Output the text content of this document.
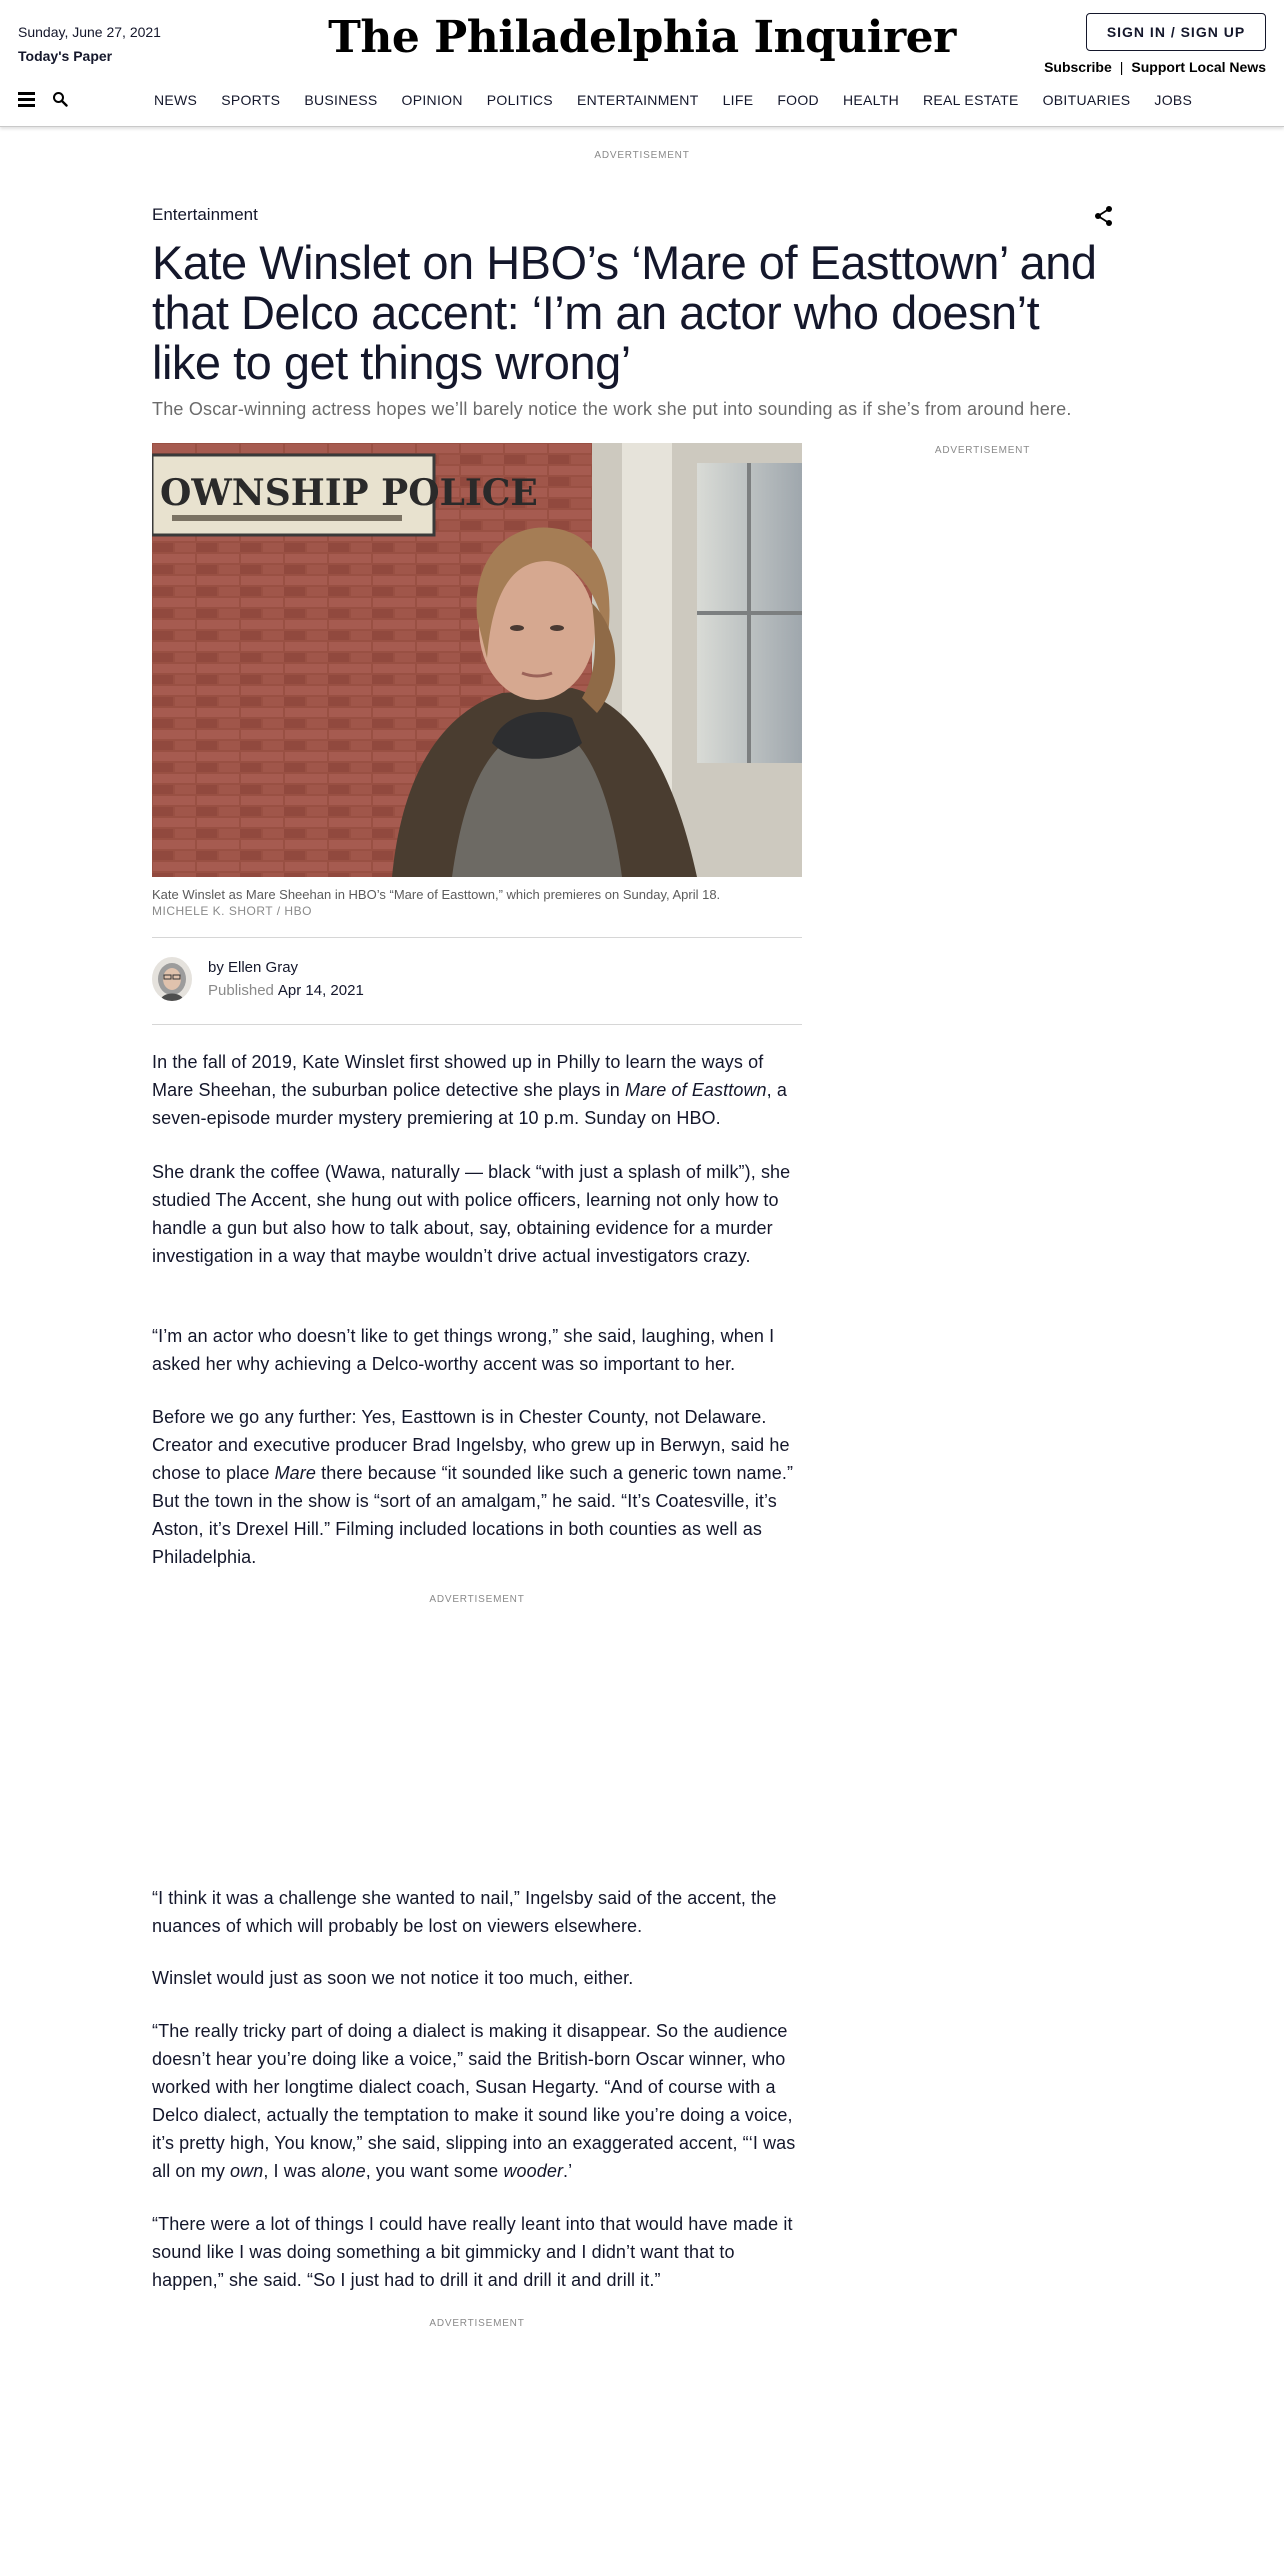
Sunday, June 27, 2021
Today's Paper	The Philadelphia Inquirer	SIGN IN / SIGN UP
Subscribe | Support Local News
NEWS SPORTS BUSINESS OPINION POLITICS ENTERTAINMENT LIFE FOOD HEALTH REAL ESTATE OBITUARIES JOBS
ADVERTISEMENT
Entertainment
Kate Winslet on HBO’s ‘Mare of Easttown’ and that Delco accent: ‘I’m an actor who doesn’t like to get things wrong’
The Oscar-winning actress hopes we’ll barely notice the work she put into sounding as if she’s from around here.
OWNSHIP POLICE
Kate Winslet as Mare Sheehan in HBO’s “Mare of Easttown,” which premieres on Sunday, April 18.
MICHELE K. SHORT / HBO
ADVERTISEMENT
by Ellen Gray
Published Apr 14, 2021

In the fall of 2019, Kate Winslet first showed up in Philly to learn the ways of Mare Sheehan, the suburban police detective she plays in Mare of Easttown, a seven-episode murder mystery premiering at 10 p.m. Sunday on HBO.

She drank the coffee (Wawa, naturally — black “with just a splash of milk”), she studied The Accent, she hung out with police officers, learning not only how to handle a gun but also how to talk about, say, obtaining evidence for a murder investigation in a way that maybe wouldn’t drive actual investigators crazy.

“I’m an actor who doesn’t like to get things wrong,” she said, laughing, when I asked her why achieving a Delco-worthy accent was so important to her.

Before we go any further: Yes, Easttown is in Chester County, not Delaware. Creator and executive producer Brad Ingelsby, who grew up in Berwyn, said he chose to place Mare there because “it sounded like such a generic town name.” But the town in the show is “sort of an amalgam,” he said. “It’s Coatesville, it’s Aston, it’s Drexel Hill.” Filming included locations in both counties as well as Philadelphia.

ADVERTISEMENT

“I think it was a challenge she wanted to nail,” Ingelsby said of the accent, the nuances of which will probably be lost on viewers elsewhere.

Winslet would just as soon we not notice it too much, either.

“The really tricky part of doing a dialect is making it disappear. So the audience doesn’t hear you’re doing like a voice,” said the British-born Oscar winner, who worked with her longtime dialect coach, Susan Hegarty. “And of course with a Delco dialect, actually the temptation to make it sound like you’re doing a voice, it’s pretty high, You know,” she said, slipping into an exaggerated accent, “‘I was all on my own, I was alone, you want some wooder.’

“There were a lot of things I could have really leant into that would have made it sound like I was doing something a bit gimmicky and I didn’t want that to happen,” she said. “So I just had to drill it and drill it and drill it.”

ADVERTISEMENT
